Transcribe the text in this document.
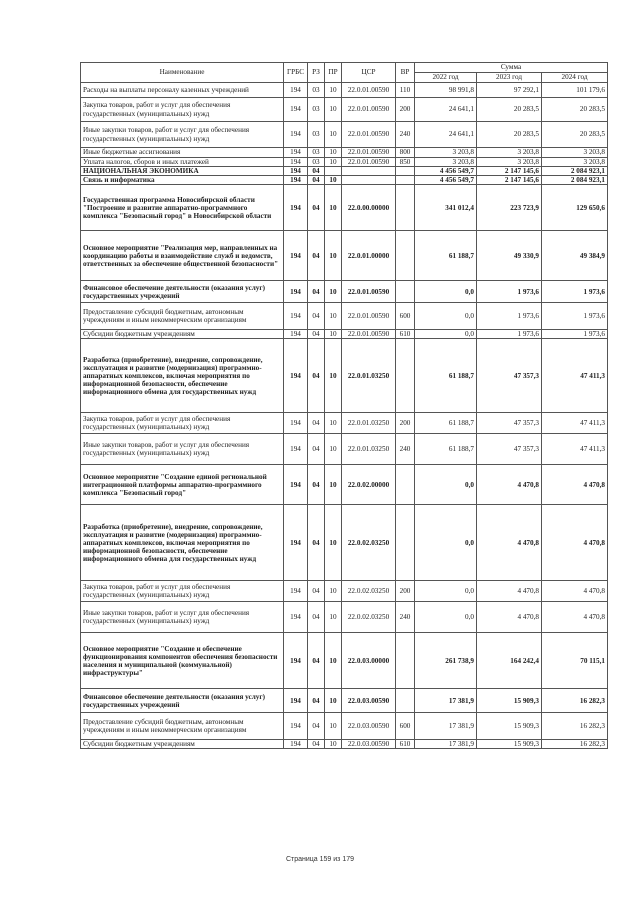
Наименование	ГРБС	РЗ	ПР	ЦСР	ВР	Сумма		
						2022 год	2023 год	2024 год
Расходы на выплаты персоналу казенных учреждений	194	03	10	22.0.01.00590	110	98 991,8	97 292,1	101 179,6
Закупка товаров, работ и услуг для обеспечения государственных (муниципальных) нужд	194	03	10	22.0.01.00590	200	24 641,1	20 283,5	20 283,5
Иные закупки товаров, работ и услуг для обеспечения государственных (муниципальных) нужд	194	03	10	22.0.01.00590	240	24 641,1	20 283,5	20 283,5
Иные бюджетные ассигнования	194	03	10	22.0.01.00590	800	3 203,8	3 203,8	3 203,8
Уплата налогов, сборов и иных платежей	194	03	10	22.0.01.00590	850	3 203,8	3 203,8	3 203,8
НАЦИОНАЛЬНАЯ ЭКОНОМИКА	194	04				4 456 549,7	2 147 145,6	2 084 923,1
Связь и информатика	194	04	10			4 456 549,7	2 147 145,6	2 084 923,1
Государственная программа Новосибирской области "Построение и развитие аппаратно-программного комплекса "Безопасный город" в Новосибирской области	194	04	10	22.0.00.00000		341 012,4	223 723,9	129 650,6
Основное мероприятие "Реализация мер, направленных на координацию работы и взаимодействие служб и ведомств, ответственных за обеспечение общественной безопасности"	194	04	10	22.0.01.00000		61 188,7	49 330,9	49 384,9
Финансовое обеспечение деятельности (оказания услуг) государственных учреждений	194	04	10	22.0.01.00590		0,0	1 973,6	1 973,6
Предоставление субсидий бюджетным, автономным учреждениям и иным некоммерческим организациям	194	04	10	22.0.01.00590	600	0,0	1 973,6	1 973,6
Субсидии бюджетным учреждениям	194	04	10	22.0.01.00590	610	0,0	1 973,6	1 973,6
Разработка (приобретение), внедрение, сопровождение, эксплуатация и развитие (модернизация) программно-аппаратных комплексов, включая мероприятия по информационной безопасности, обеспечение информационного обмена для государственных нужд	194	04	10	22.0.01.03250		61 188,7	47 357,3	47 411,3
Закупка товаров, работ и услуг для обеспечения государственных (муниципальных) нужд	194	04	10	22.0.01.03250	200	61 188,7	47 357,3	47 411,3
Иные закупки товаров, работ и услуг для обеспечения государственных (муниципальных) нужд	194	04	10	22.0.01.03250	240	61 188,7	47 357,3	47 411,3
Основное мероприятие "Создание единой региональной интеграционной платформы аппаратно-программного комплекса "Безопасный город"	194	04	10	22.0.02.00000		0,0	4 470,8	4 470,8
Разработка (приобретение), внедрение, сопровождение, эксплуатация и развитие (модернизация) программно-аппаратных комплексов, включая мероприятия по информационной безопасности, обеспечение информационного обмена для государственных нужд	194	04	10	22.0.02.03250		0,0	4 470,8	4 470,8
Закупка товаров, работ и услуг для обеспечения государственных (муниципальных) нужд	194	04	10	22.0.02.03250	200	0,0	4 470,8	4 470,8
Иные закупки товаров, работ и услуг для обеспечения государственных (муниципальных) нужд	194	04	10	22.0.02.03250	240	0,0	4 470,8	4 470,8
Основное мероприятие "Создание и обеспечение функционирования компонентов обеспечения безопасности населения и муниципальной (коммунальной) инфраструктуры"	194	04	10	22.0.03.00000		261 738,9	164 242,4	70 115,1
Финансовое обеспечение деятельности (оказания услуг) государственных учреждений	194	04	10	22.0.03.00590		17 381,9	15 909,3	16 282,3
Предоставление субсидий бюджетным, автономным учреждениям и иным некоммерческим организациям	194	04	10	22.0.03.00590	600	17 381,9	15 909,3	16 282,3
Субсидии бюджетным учреждениям	194	04	10	22.0.03.00590	610	17 381,9	15 909,3	16 282,3
Страница 159 из 179
